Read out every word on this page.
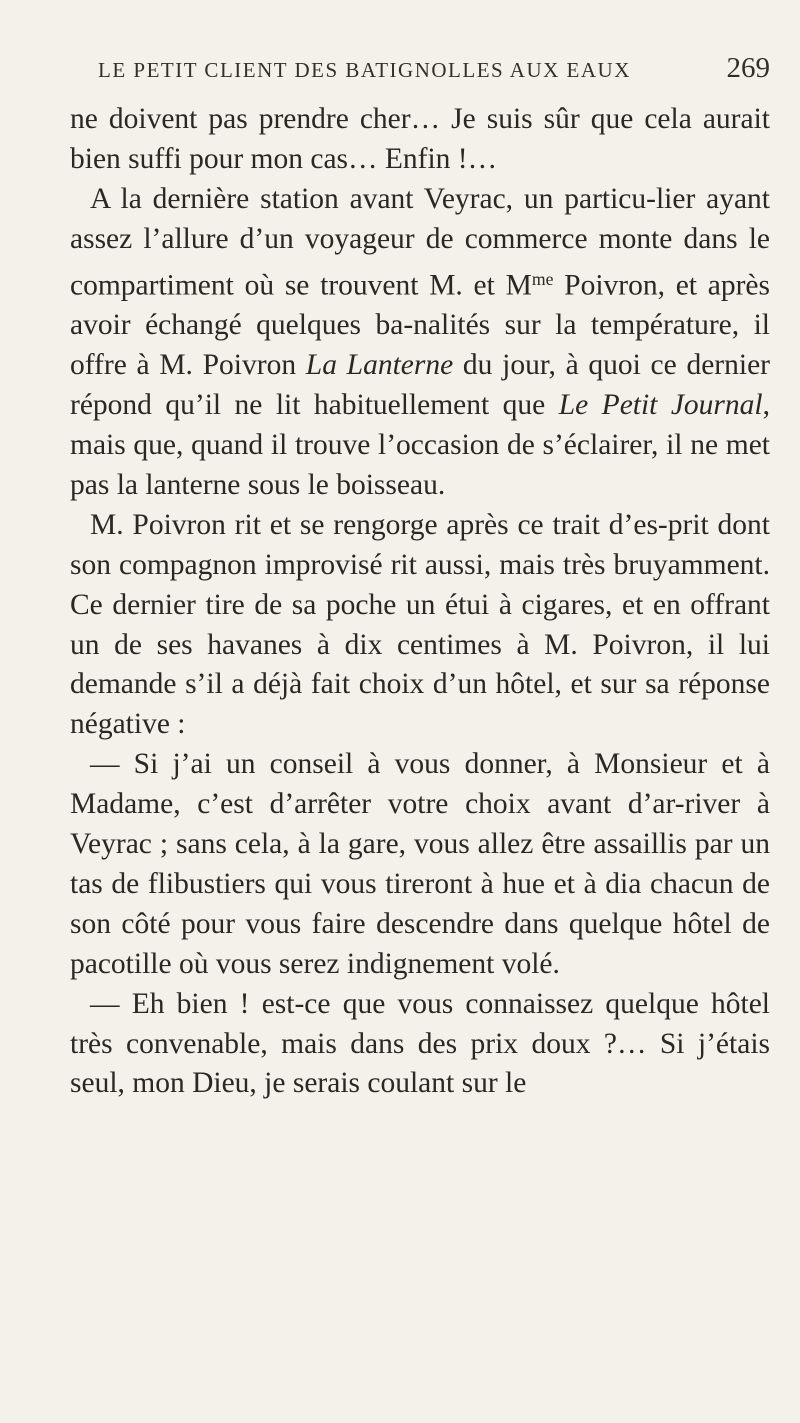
LE PETIT CLIENT DES BATIGNOLLES AUX EAUX	269

ne doivent pas prendre cher… Je suis sûr que cela aurait bien suffi pour mon cas… Enfin !…

A la dernière station avant Veyrac, un particu-lier ayant assez l’allure d’un voyageur de commerce monte dans le compartiment où se trouvent M. et $M^{me}$ Poivron, et après avoir échangé quelques ba-nalités sur la température, il offre à M. Poivron La Lanterne du jour, à quoi ce dernier répond qu’il ne lit habituellement que Le Petit Journal, mais que, quand il trouve l’occasion de s’éclairer, il ne met pas la lanterne sous le boisseau.

M. Poivron rit et se rengorge après ce trait d’es-prit dont son compagnon improvisé rit aussi, mais très bruyamment. Ce dernier tire de sa poche un étui à cigares, et en offrant un de ses havanes à dix centimes à M. Poivron, il lui demande s’il a déjà fait choix d’un hôtel, et sur sa réponse négative :

— Si j’ai un conseil à vous donner, à Monsieur et à Madame, c’est d’arrêter votre choix avant d’ar-river à Veyrac ; sans cela, à la gare, vous allez être assaillis par un tas de flibustiers qui vous tireront à hue et à dia chacun de son côté pour vous faire descendre dans quelque hôtel de pacotille où vous serez indignement volé.

— Eh bien ! est-ce que vous connaissez quelque hôtel très convenable, mais dans des prix doux ?… Si j’étais seul, mon Dieu, je serais coulant sur le
